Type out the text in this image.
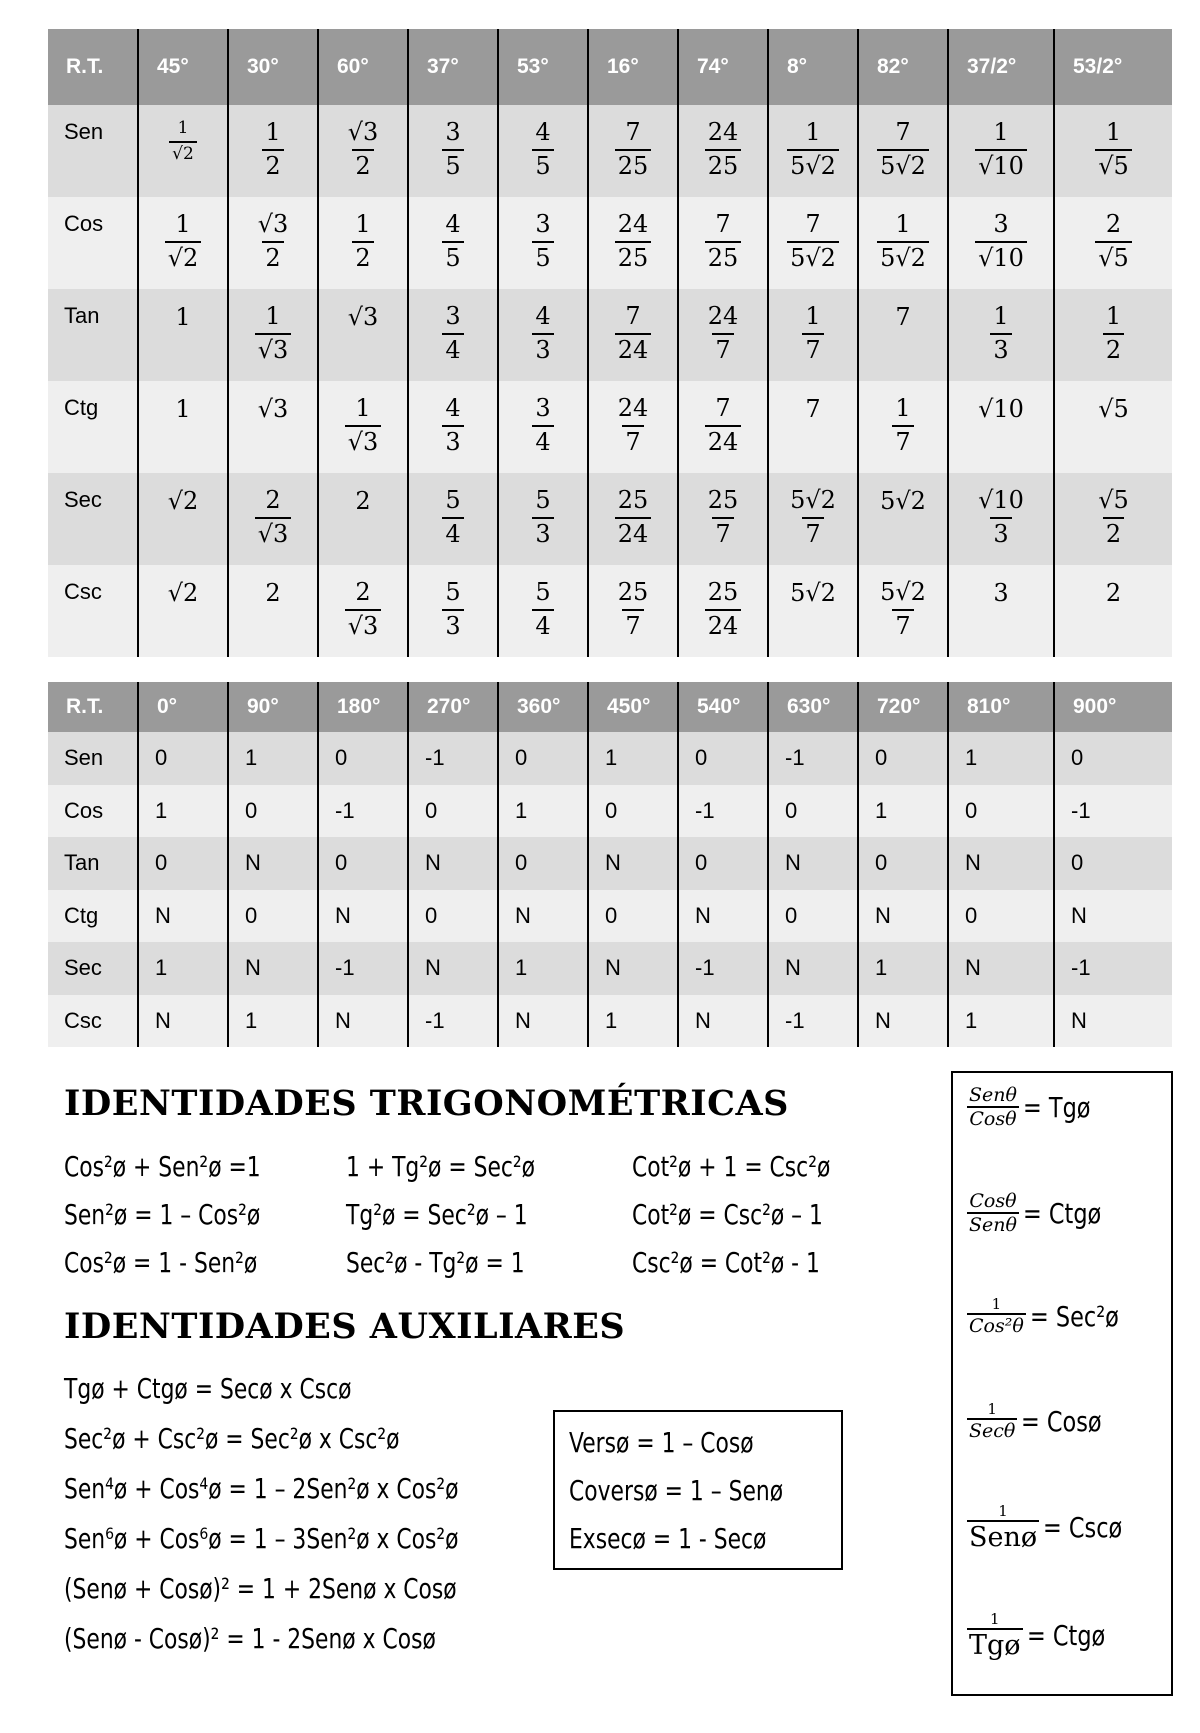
R.T.	45°	30°	60°	37°	53°	16°	74°	8°	82°	37/2°	53/2°
Sen	$\frac{1}{√2}$	$\frac{1}{2}$	$\frac{√3}{2}$	$\frac{3}{5}$	$\frac{4}{5}$	$\frac{7}{25}$	$\frac{24}{25}$	$\frac{1}{5√2}$	$\frac{7}{5√2}$	$\frac{1}{√10}$	$\frac{1}{√5}$

Cos	$\frac{1}{√2}$	$\frac{√3}{2}$	$\frac{1}{2}$	$\frac{4}{5}$	$\frac{3}{5}$	$\frac{24}{25}$	$\frac{7}{25}$	$\frac{7}{5√2}$	$\frac{1}{5√2}$	$\frac{3}{√10}$	$\frac{2}{√5}$

Tan	1	$\frac{1}{√3}$	√3	$\frac{3}{4}$	$\frac{4}{3}$	$\frac{7}{24}$	$\frac{24}{7}$	$\frac{1}{7}$	7	$\frac{1}{3}$	$\frac{1}{2}$

Ctg	1	√3	$\frac{1}{√3}$	$\frac{4}{3}$	$\frac{3}{4}$	$\frac{24}{7}$	$\frac{7}{24}$	7	$\frac{1}{7}$	√10	√5
Sec	√2	$\frac{2}{√3}$	2	$\frac{5}{4}$	$\frac{5}{3}$	$\frac{25}{24}$	$\frac{25}{7}$	$\frac{5√2}{7}$	5√2	$\frac{√10}{3}$	$\frac{√5}{2}$

Csc	√2	2	$\frac{2}{√3}$	$\frac{5}{3}$	$\frac{5}{4}$	$\frac{25}{7}$	$\frac{25}{24}$	5√2	$\frac{5√2}{7}$	3	2
R.T.	0°	90°	180°	270°	360°	450°	540°	630°	720°	810°	900°
Sen	0	1	0	-1	0	1	0	-1	0	1	0
Cos	1	0	-1	0	1	0	-1	0	1	0	-1
Tan	0	N	0	N	0	N	0	N	0	N	0
Ctg	N	0	N	0	N	0	N	0	N	0	N
Sec	1	N	-1	N	1	N	-1	N	1	N	-1
Csc	N	1	N	-1	N	1	N	-1	N	1	N
IDENTIDADES TRIGONOMÉTRICAS
Cos²ø + Sen²ø =1
Sen²ø = 1 – Cos²ø
Cos²ø = 1 - Sen²ø
1 + Tg²ø = Sec²ø
Tg²ø = Sec²ø – 1
Sec²ø - Tg²ø = 1
Cot²ø + 1 = Csc²ø
Cot²ø = Csc²ø – 1
Csc²ø = Cot²ø - 1
IDENTIDADES AUXILIARES
Tgø + Ctgø = Secø x Cscø
Sec²ø + Csc²ø = Sec²ø x Csc²ø
Sen⁴ø + Cos⁴ø = 1 – 2Sen²ø x Cos²ø
Sen⁶ø + Cos⁶ø = 1 – 3Sen²ø x Cos²ø
(Senø + Cosø)² = 1 + 2Senø x Cosø
(Senø - Cosø)² = 1 - 2Senø x Cosø
Versø = 1 – Cosø
Coversø = 1 – Senø
Exsecø = 1 - Secø
Senθ
Cosθ = Tgø
Cosθ
Senθ = Ctgø
1
Cos²θ = Sec²ø
1
Secθ = Cosø
1
Senø = Cscø
1
Tgø = Ctgø
